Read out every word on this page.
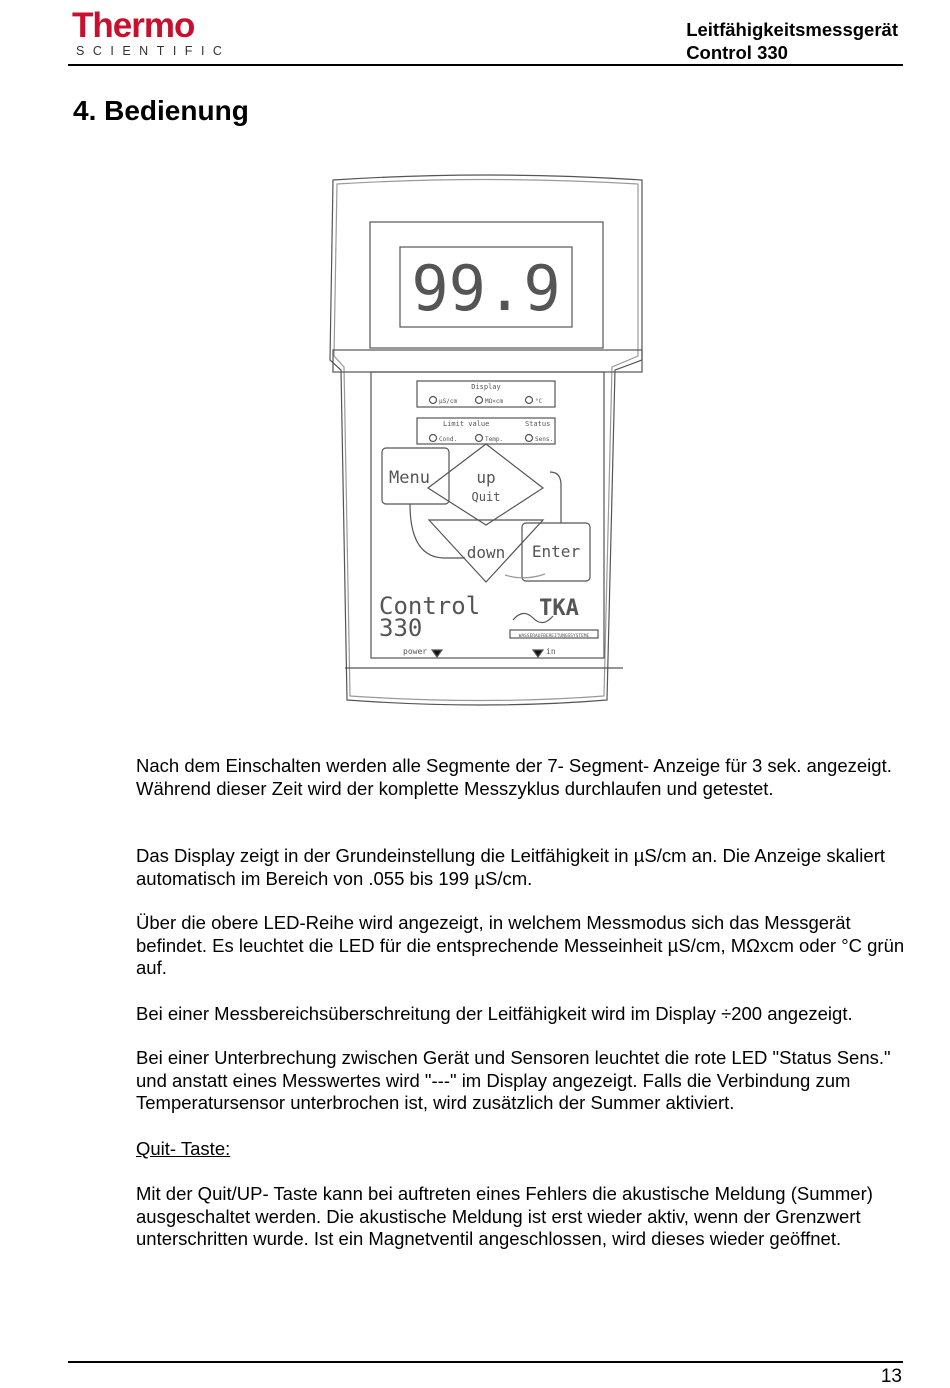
Thermo
SCIENTIFIC
Leitfähigkeitsmessgerät
Control 330
4. Bedienung
99.9
Display
µS/cm	MΩ×cm	°C
Limit value	Status
Cond.	Temp.	Sens.
Menu	up
Quit
down Enter
Control
330
TKA
WASSERAUFBEREITUNGSSYSTEME
power	in

Nach dem Einschalten werden alle Segmente der 7- Segment- Anzeige für 3 sek. angezeigt. Während dieser Zeit wird der komplette Messzyklus durchlaufen und getestet.

Das Display zeigt in der Grundeinstellung die Leitfähigkeit in µS/cm an. Die Anzeige skaliert automatisch im Bereich von .055 bis 199 µS/cm.

Über die obere LED-Reihe wird angezeigt, in welchem Messmodus sich das Messgerät befindet. Es leuchtet die LED für die entsprechende Messeinheit µS/cm, MΩxcm oder °C grün auf.

Bei einer Messbereichsüberschreitung der Leitfähigkeit wird im Display ÷200 angezeigt.

Bei einer Unterbrechung zwischen Gerät und Sensoren leuchtet die rote LED "Status Sens." und anstatt eines Messwertes wird "---" im Display angezeigt. Falls die Verbindung zum Temperatursensor unterbrochen ist, wird zusätzlich der Summer aktiviert.

Quit- Taste:

Mit der Quit/UP- Taste kann bei auftreten eines Fehlers die akustische Meldung (Summer) ausgeschaltet werden. Die akustische Meldung ist erst wieder aktiv, wenn der Grenzwert unterschritten wurde. Ist ein Magnetventil angeschlossen, wird dieses wieder geöffnet.

13
